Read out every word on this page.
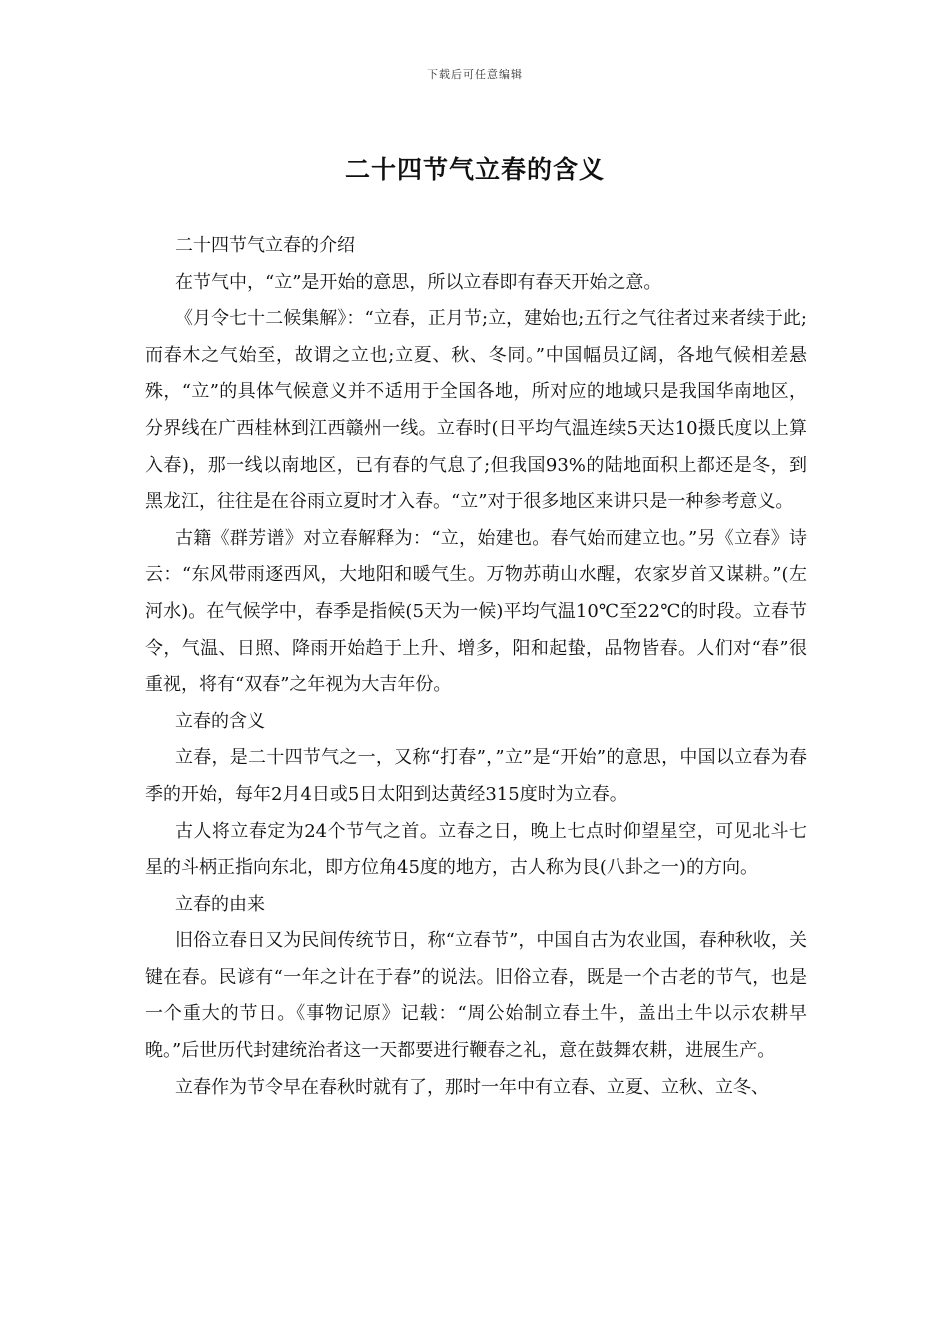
下载后可任意编辑
二十四节气立春的含义

二十四节气立春的介绍

在节气中，“立”是开始的意思，所以立春即有春天开始之意。

《月令七十二候集解》：“立春，正月节;立，建始也;五行之气往者过来者续于此;而春木之气始至，故谓之立也;立夏、秋、冬同。”中国幅员辽阔，各地气候相差悬殊，“立”的具体气候意义并不适用于全国各地，所对应的地域只是我国华南地区，分界线在广西桂林到江西赣州一线。立春时(日平均气温连续5天达10摄氏度以上算入春)，那一线以南地区，已有春的气息了;但我国93%的陆地面积上都还是冬，到黑龙江，往往是在谷雨立夏时才入春。“立”对于很多地区来讲只是一种参考意义。

古籍《群芳谱》对立春解释为：“立，始建也。春气始而建立也。”另《立春》诗云：“东风带雨逐西风，大地阳和暖气生。万物苏萌山水醒，农家岁首又谋耕。”(左河水)。在气候学中，春季是指候(5天为一候)平均气温10℃至22℃的时段。立春节令，气温、日照、降雨开始趋于上升、增多，阳和起蛰，品物皆春。人们对“春”很重视，将有“双春”之年视为大吉年份。

立春的含义

立春，是二十四节气之一，又称“打春”，”立”是“开始”的意思，中国以立春为春季的开始，每年2月4日或5日太阳到达黄经315度时为立春。

古人将立春定为24个节气之首。立春之日，晚上七点时仰望星空，可见北斗七星的斗柄正指向东北，即方位角45度的地方，古人称为艮(八卦之一)的方向。

立春的由来

旧俗立春日又为民间传统节日，称“立春节”，中国自古为农业国，春种秋收，关键在春。民谚有“一年之计在于春”的说法。旧俗立春，既是一个古老的节气，也是一个重大的节日。《事物记原》记载：“周公始制立春土牛，盖出土牛以示农耕早晚。”后世历代封建统治者这一天都要进行鞭春之礼，意在鼓舞农耕，进展生产。

立春作为节令早在春秋时就有了，那时一年中有立春、立夏、立秋、立冬、
